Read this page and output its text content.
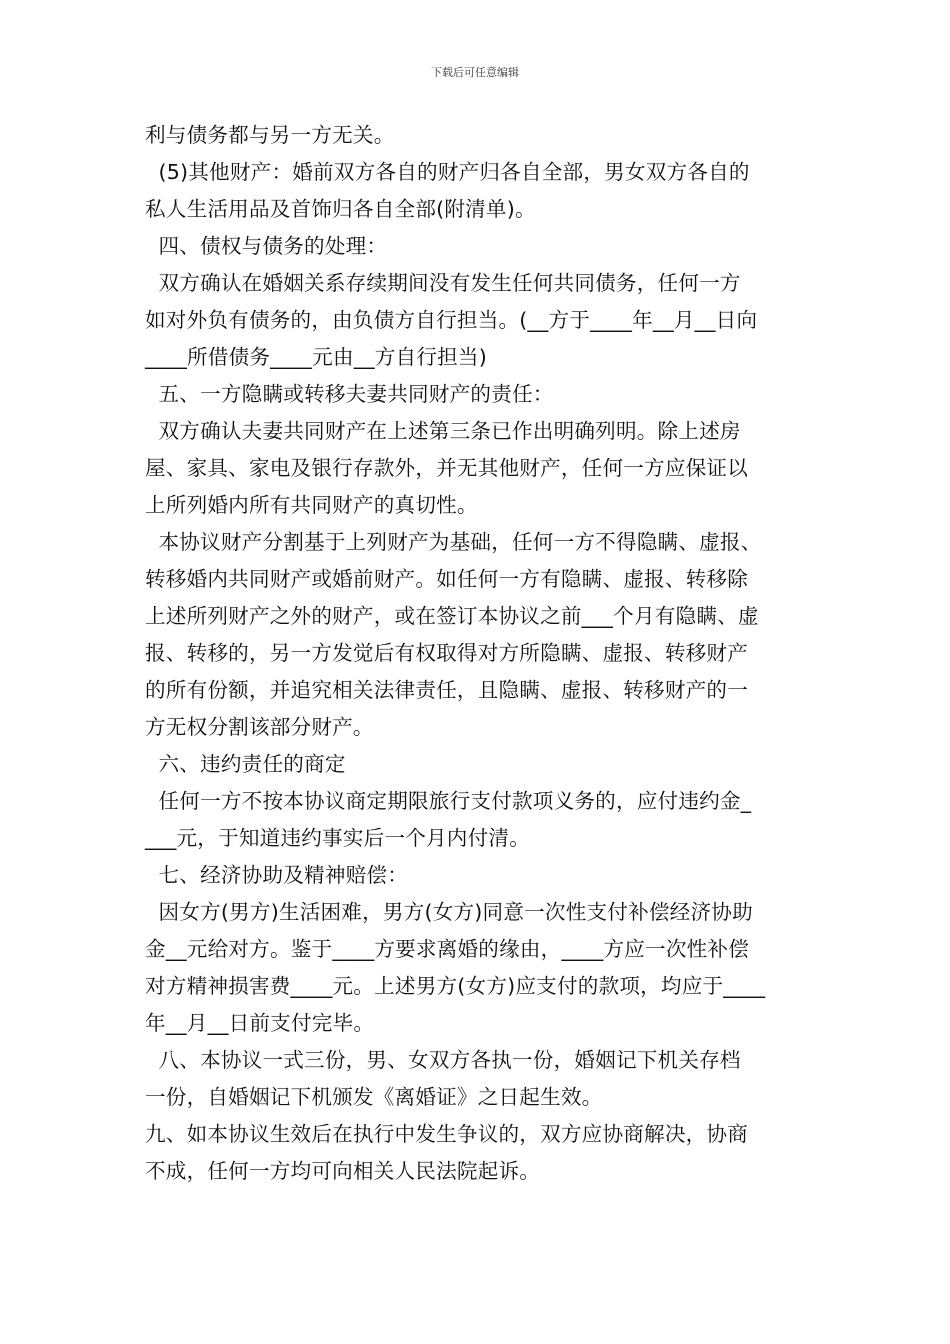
下载后可任意编辑
利与债务都与另一方无关。
(5)其他财产：婚前双方各自的财产归各自全部，男女双方各自的
私人生活用品及首饰归各自全部(附清单)。
四、债权与债务的处理：
双方确认在婚姻关系存续期间没有发生任何共同债务，任何一方
如对外负有债务的，由负债方自行担当。(__方于____年__月__日向
____所借债务____元由__方自行担当)
五、一方隐瞒或转移夫妻共同财产的责任：
双方确认夫妻共同财产在上述第三条已作出明确列明。除上述房
屋、家具、家电及银行存款外，并无其他财产，任何一方应保证以
上所列婚内所有共同财产的真切性。
本协议财产分割基于上列财产为基础，任何一方不得隐瞒、虚报、
转移婚内共同财产或婚前财产。如任何一方有隐瞒、虚报、转移除
上述所列财产之外的财产，或在签订本协议之前___个月有隐瞒、虚
报、转移的，另一方发觉后有权取得对方所隐瞒、虚报、转移财产
的所有份额，并追究相关法律责任，且隐瞒、虚报、转移财产的一
方无权分割该部分财产。
六、违约责任的商定
任何一方不按本协议商定期限旅行支付款项义务的，应付违约金_
___元，于知道违约事实后一个月内付清。
七、经济协助及精神赔偿：
因女方(男方)生活困难，男方(女方)同意一次性支付补偿经济协助
金__元给对方。鉴于____方要求离婚的缘由，____方应一次性补偿
对方精神损害费____元。上述男方(女方)应支付的款项，均应于____
年__月__日前支付完毕。
八、本协议一式三份，男、女双方各执一份，婚姻记下机关存档
一份，自婚姻记下机颁发《离婚证》之日起生效。
九、如本协议生效后在执行中发生争议的，双方应协商解决，协商
不成，任何一方均可向相关人民法院起诉。
